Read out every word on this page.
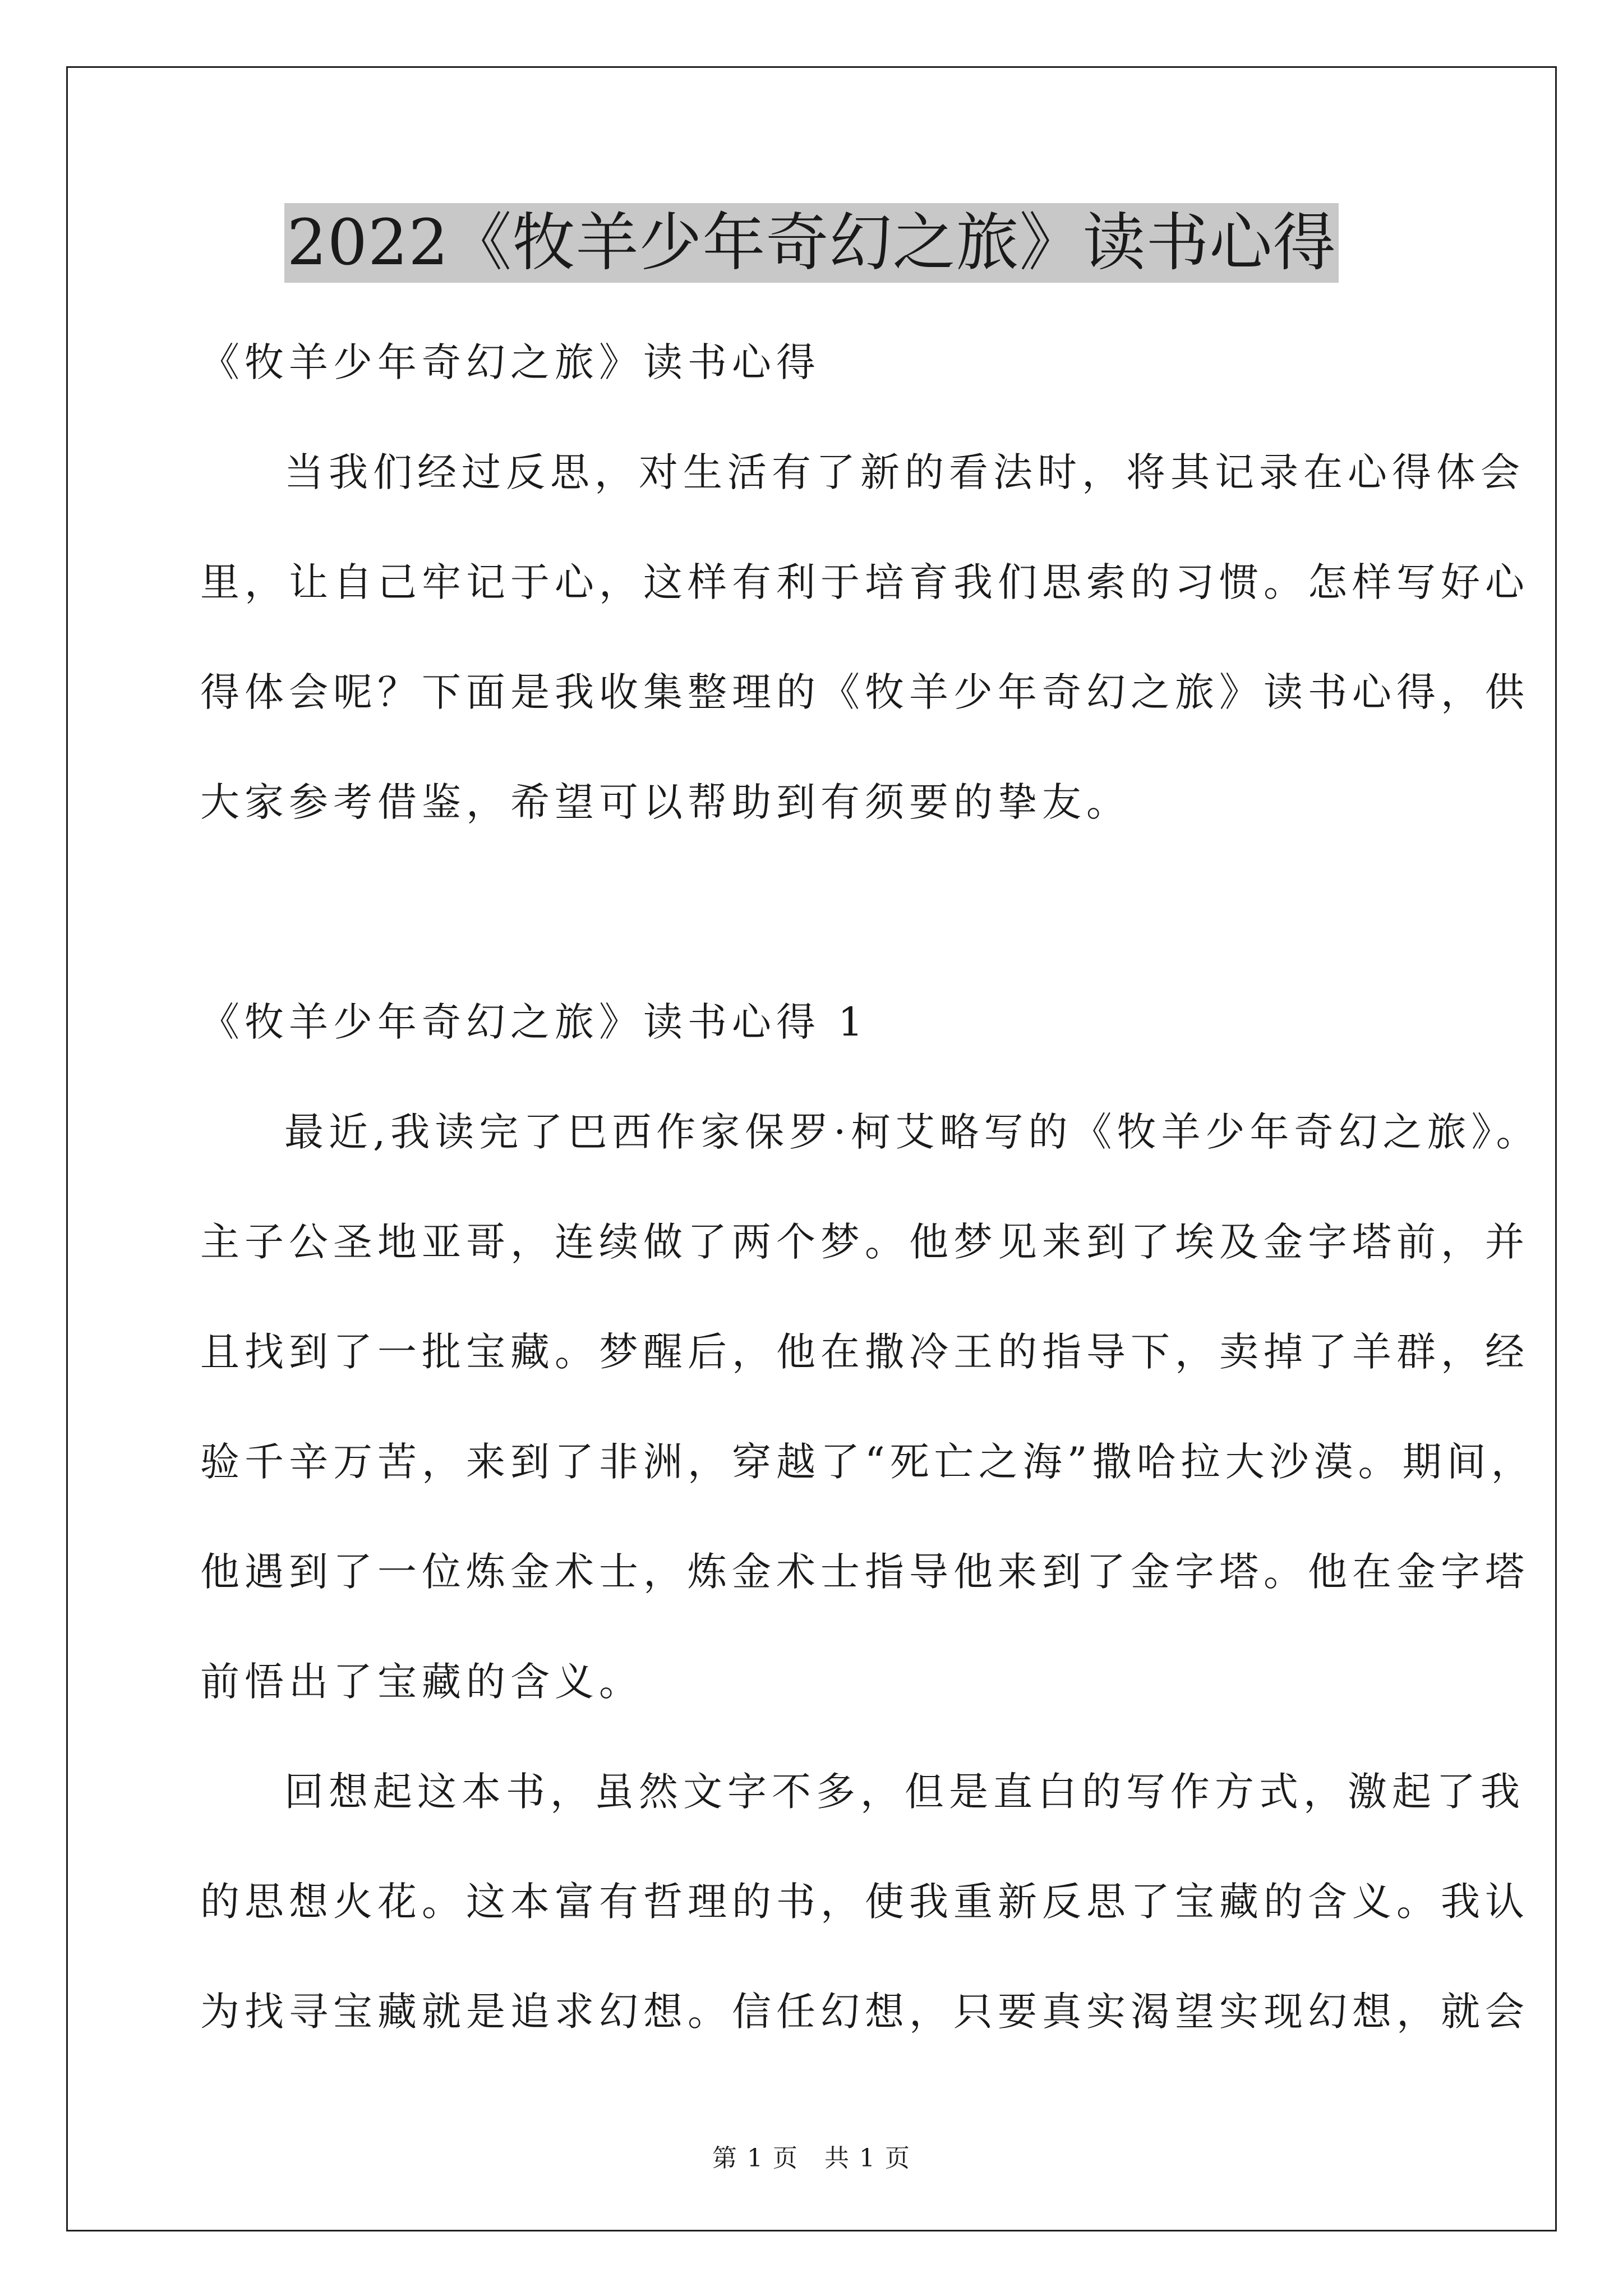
2022《牧羊少年奇幻之旅》读书心得
《牧羊少年奇幻之旅》读书心得
当我们经过反思，对生活有了新的看法时，将其记录在心得体会
里，让自己牢记于心，这样有利于培育我们思索的习惯。怎样写好心
得体会呢？下面是我收集整理的《牧羊少年奇幻之旅》读书心得，供
大家参考借鉴，希望可以帮助到有须要的挚友。
《牧羊少年奇幻之旅》读书心得 1
最近,我读完了巴西作家保罗·柯艾略写的《牧羊少年奇幻之旅》。
主子公圣地亚哥，连续做了两个梦。他梦见来到了埃及金字塔前，并
且找到了一批宝藏。梦醒后，他在撒冷王的指导下，卖掉了羊群，经
验千辛万苦，来到了非洲，穿越了“死亡之海”撒哈拉大沙漠。期间，
他遇到了一位炼金术士，炼金术士指导他来到了金字塔。他在金字塔
前悟出了宝藏的含义。
回想起这本书，虽然文字不多，但是直白的写作方式，激起了我
的思想火花。这本富有哲理的书，使我重新反思了宝藏的含义。我认
为找寻宝藏就是追求幻想。信任幻想，只要真实渴望实现幻想，就会
第 1 页　共 1 页
